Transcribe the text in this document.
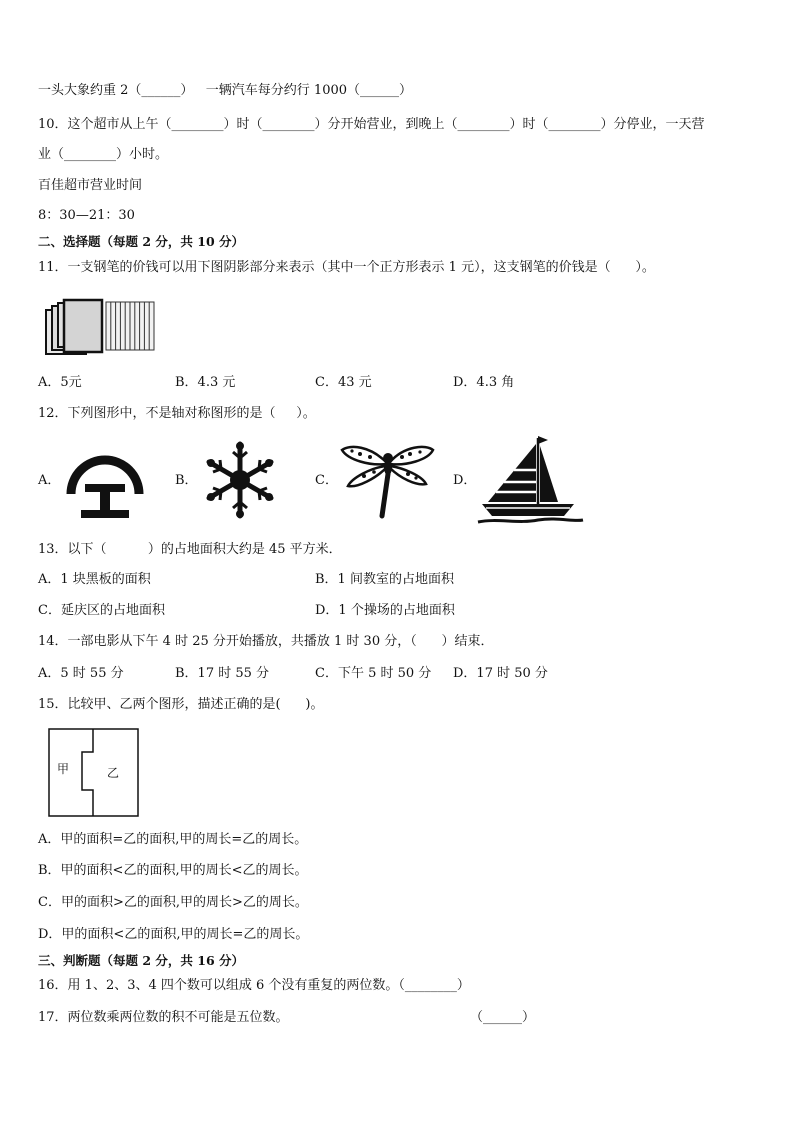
一头大象约重 2（______）   一辆汽车每分约行 1000（______）
10．这个超市从上午（________）时（________）分开始营业，到晚上（________）时（________）分停业，一天营
业（________）小时。
百佳超市营业时间
8：30—21：30
二、选择题（每题 2 分，共 10 分）
11．一支钢笔的价钱可以用下图阴影部分来表示（其中一个正方形表示 1 元），这支钢笔的价钱是（      ）。
A．5元	B．4.3 元	C．43 元	D．4.3 角
12．下列图形中，不是轴对称图形的是（     ）。
A．	B．	C．	D．
13．以下（          ）的占地面积大约是 45 平方米．
A．1 块黑板的面积	B．1 间教室的占地面积
C．延庆区的占地面积	D．1 个操场的占地面积
14．一部电影从下午 4 时 25 分开始播放，共播放 1 时 30 分，（      ）结束．
A．5 时 55 分	B．17 时 55 分	C．下午 5 时 50 分 D．17 时 50 分
15．比较甲、乙两个图形，描述正确的是(      )。
甲	乙
A．甲的面积=乙的面积,甲的周长=乙的周长。
B．甲的面积<乙的面积,甲的周长<乙的周长。
C．甲的面积>乙的面积,甲的周长>乙的周长。
D．甲的面积<乙的面积,甲的周长=乙的周长。
三、判断题（每题 2 分，共 16 分）
16．用 1、2、3、4 四个数可以组成 6 个没有重复的两位数。（________）
17．两位数乘两位数的积不可能是五位数。	（______）
